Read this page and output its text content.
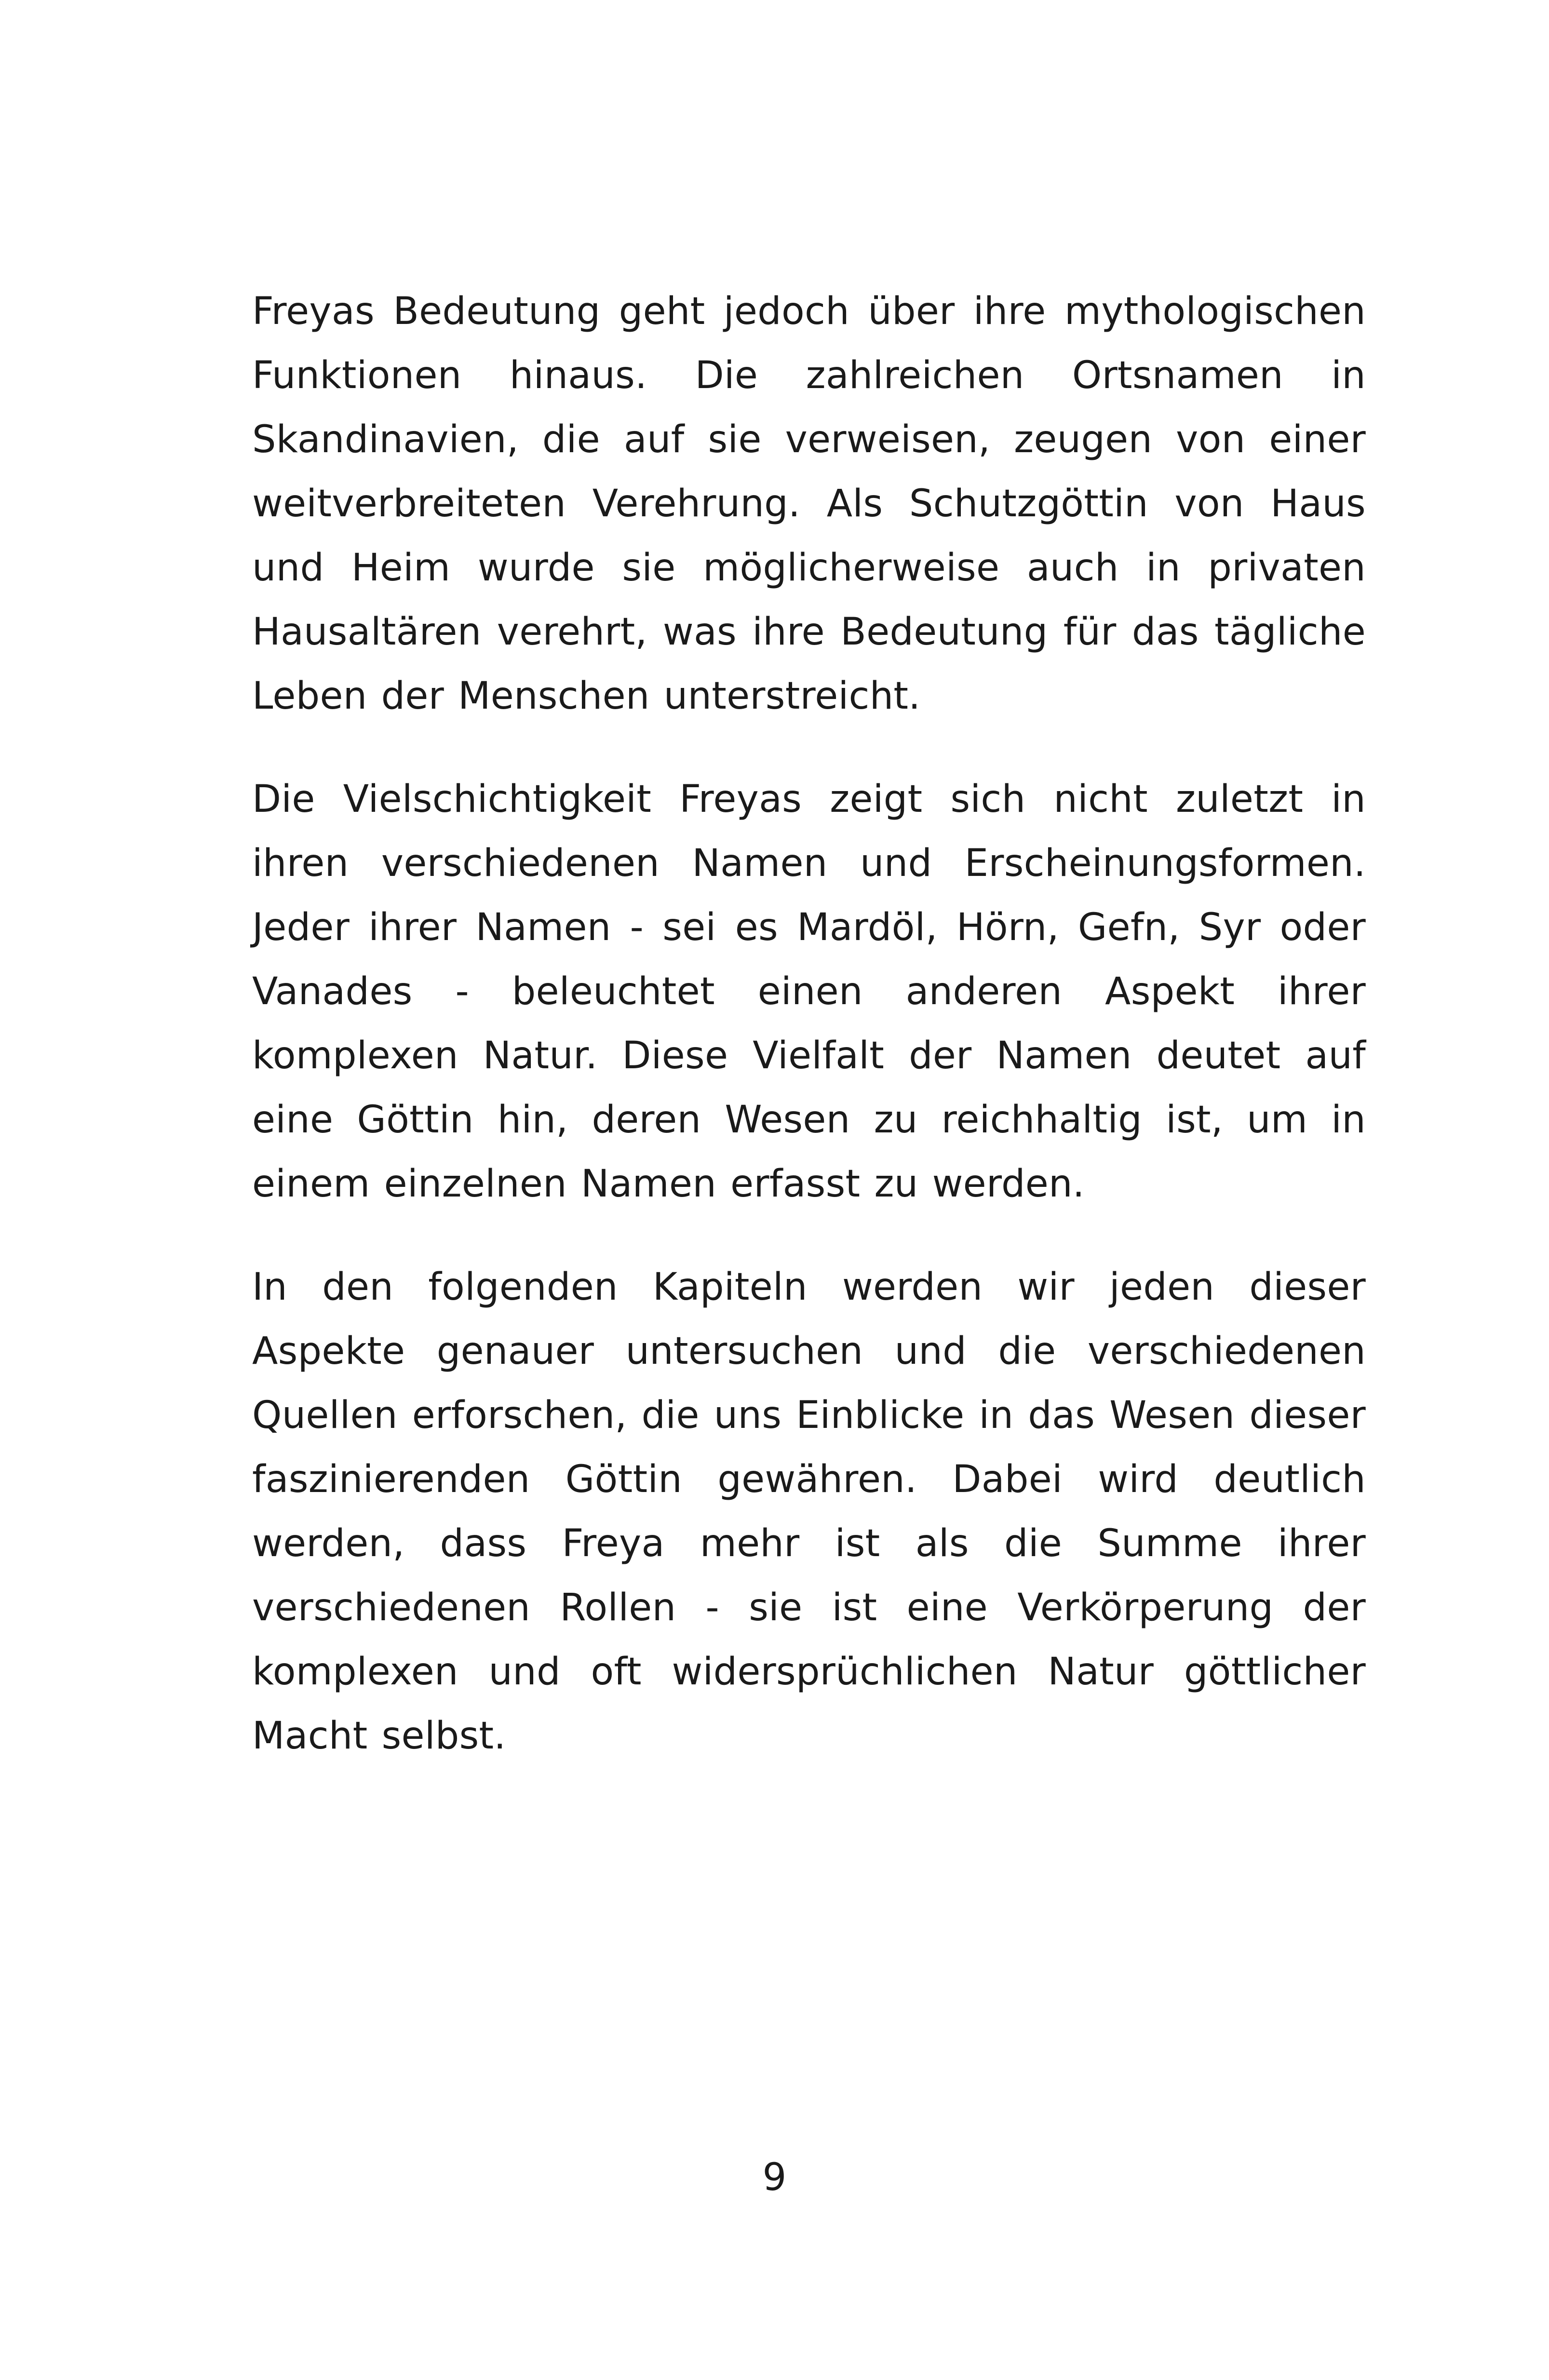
Freyas Bedeutung geht jedoch über ihre mythologischen Funktionen hinaus. Die zahlreichen Ortsnamen in Skandinavien, die auf sie verweisen, zeugen von einer weitverbreiteten Verehrung. Als Schutzgöttin von Haus und Heim wurde sie möglicherweise auch in privaten Hausaltären verehrt, was ihre Bedeutung für das tägliche Leben der Menschen unterstreicht.

Die Vielschichtigkeit Freyas zeigt sich nicht zuletzt in ihren verschiedenen Namen und Erscheinungsformen. Jeder ihrer Namen - sei es Mardöl, Hörn, Gefn, Syr oder Vanades - beleuchtet einen anderen Aspekt ihrer komplexen Natur. Diese Vielfalt der Namen deutet auf eine Göttin hin, deren Wesen zu reichhaltig ist, um in einem einzelnen Namen erfasst zu werden.

In den folgenden Kapiteln werden wir jeden dieser Aspekte genauer untersuchen und die verschiedenen Quellen erforschen, die uns Einblicke in das Wesen dieser faszinierenden Göttin gewähren. Dabei wird deutlich werden, dass Freya mehr ist als die Summe ihrer verschiedenen Rollen - sie ist eine Verkörperung der komplexen und oft widersprüchlichen Natur göttlicher Macht selbst.

9
